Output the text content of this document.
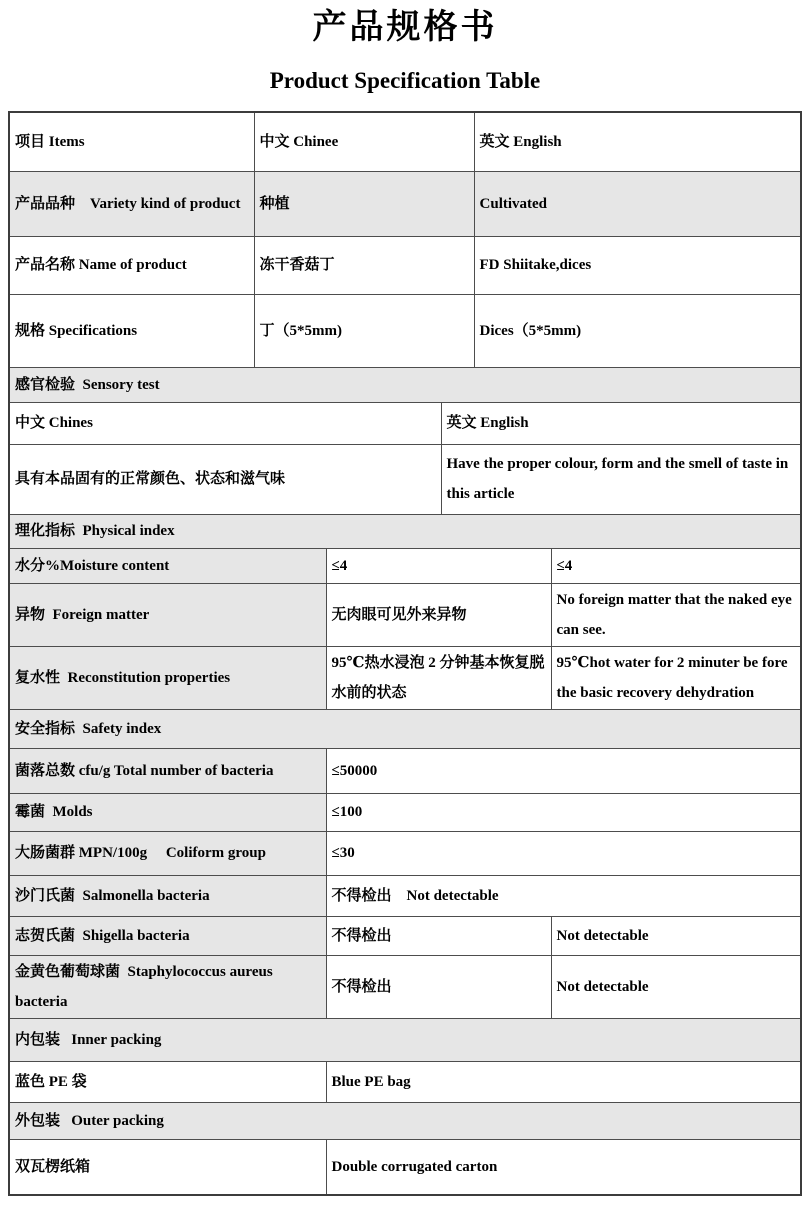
产品规格书
Product Specification Table
项目 Items	中文 Chinee			英文 English	
产品品种    Variety kind of product	种植			Cultivated	
产品名称 Name of product	冻干香菇丁			FD Shiitake,dices	
规格 Specifications	丁（5*5mm)			Dices（5*5mm)	
感官检验  Sensory test					
中文 Chines			英文 English		
具有本品固有的正常颜色、状态和滋气味			Have the proper colour, form and the smell of taste in this article		
理化指标  Physical index					
水分%Moisture content		≤4			≤4
异物  Foreign matter		无肉眼可见外来异物			No foreign matter that the naked eye can see.
复水性  Reconstitution properties		95℃热水浸泡 2 分钟基本恢复脱水前的状态			95℃hot water for 2 minuter be fore the basic recovery dehydration
安全指标  Safety index					
菌落总数 cfu/g Total number of bacteria		≤50000			
霉菌  Molds		≤100			
大肠菌群 MPN/100g     Coliform group		≤30			
沙门氏菌  Salmonella bacteria		不得检出    Not detectable			
志贺氏菌  Shigella bacteria		不得检出			Not detectable
金黄色葡萄球菌  Staphylococcus aureus bacteria		不得检出			Not detectable
内包装   Inner packing					
蓝色 PE 袋		Blue PE bag			
外包装   Outer packing					
双瓦楞纸箱		Double corrugated carton			
